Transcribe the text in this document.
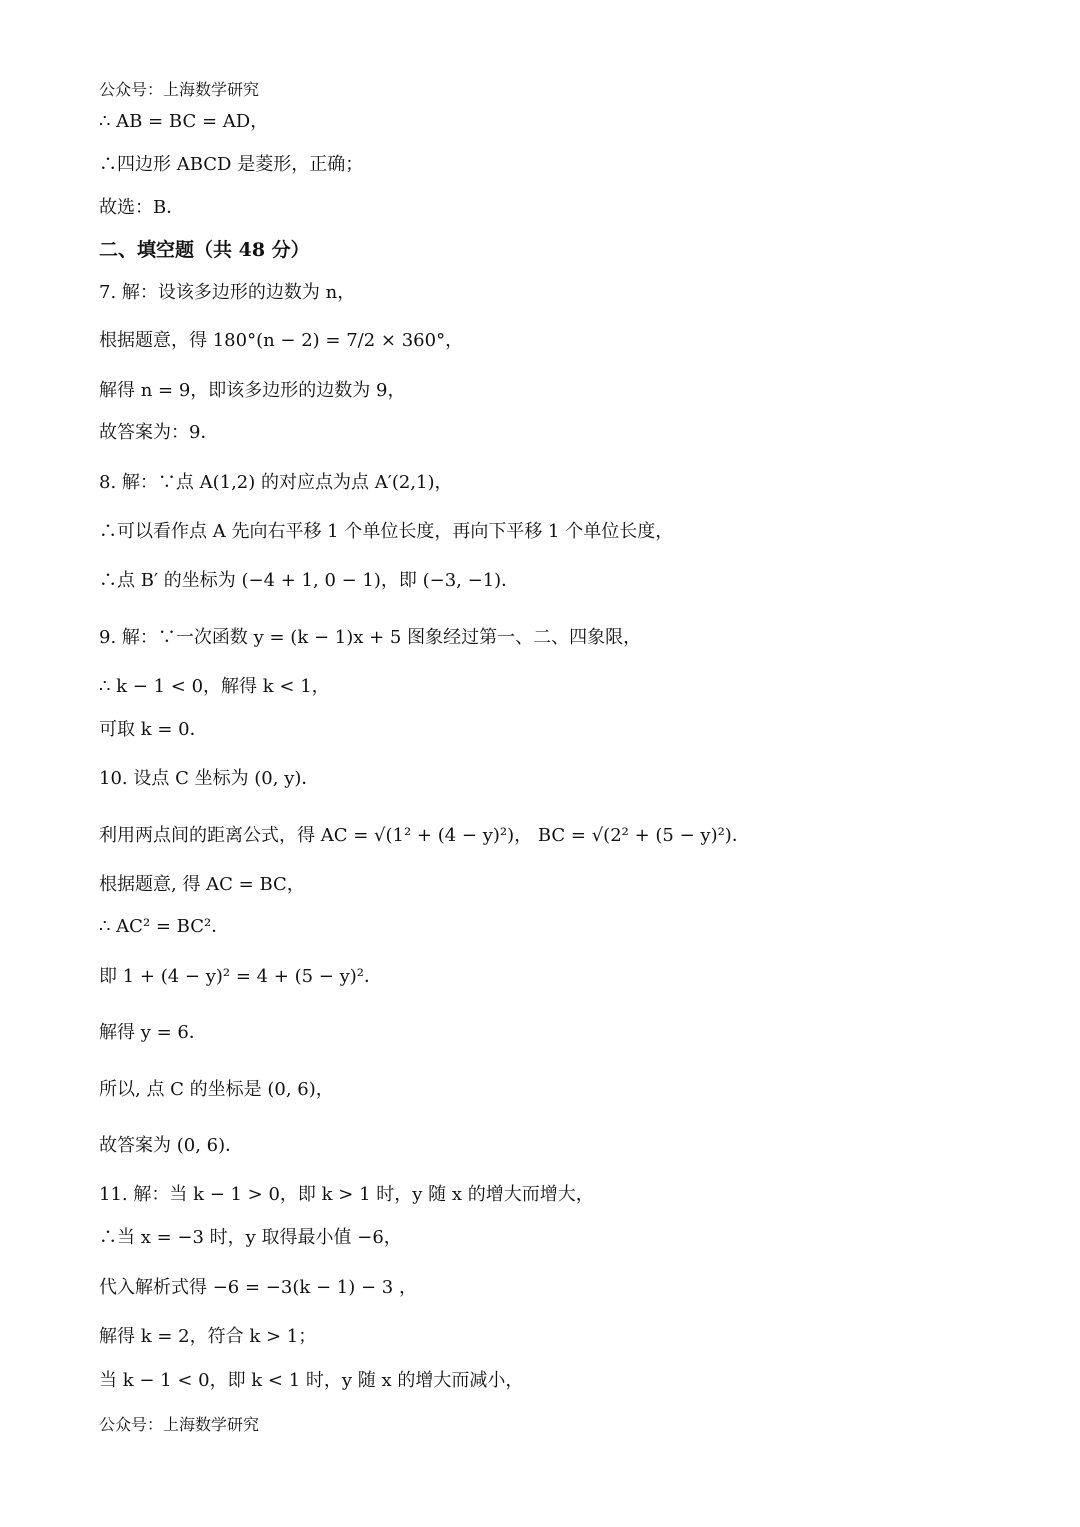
公众号：上海数学研究
∴ AB = BC = AD，
∴四边形 ABCD 是菱形，正确；
故选：B．
二、填空题（共 48 分）
7. 解：设该多边形的边数为 n，
根据题意，得 180°(n − 2) = 7/2 × 360°，
解得 n = 9，即该多边形的边数为 9，
故答案为：9．
8. 解：∵点 A(1,2) 的对应点为点 A′(2,1)，
∴可以看作点 A 先向右平移 1 个单位长度，再向下平移 1 个单位长度，
∴点 B′ 的坐标为 (−4 + 1, 0 − 1)，即 (−3, −1)．
9. 解：∵一次函数 y = (k − 1)x + 5 图象经过第一、二、四象限，
∴ k − 1 < 0，解得 k < 1，
可取 k = 0．
10. 设点 C 坐标为 (0, y)．
利用两点间的距离公式，得 AC = √(1² + (4 − y)²)， BC = √(2² + (5 − y)²)．
根据题意, 得 AC = BC，
∴ AC² = BC²．
即 1 + (4 − y)² = 4 + (5 − y)²．
解得 y = 6．
所以, 点 C 的坐标是 (0, 6)，
故答案为 (0, 6)．
11. 解：当 k − 1 > 0，即 k > 1 时，y 随 x 的增大而增大，
∴当 x = −3 时，y 取得最小值 −6，
代入解析式得 −6 = −3(k − 1) − 3 ，
解得 k = 2，符合 k > 1；
当 k − 1 < 0，即 k < 1 时，y 随 x 的增大而减小，
公众号：上海数学研究
